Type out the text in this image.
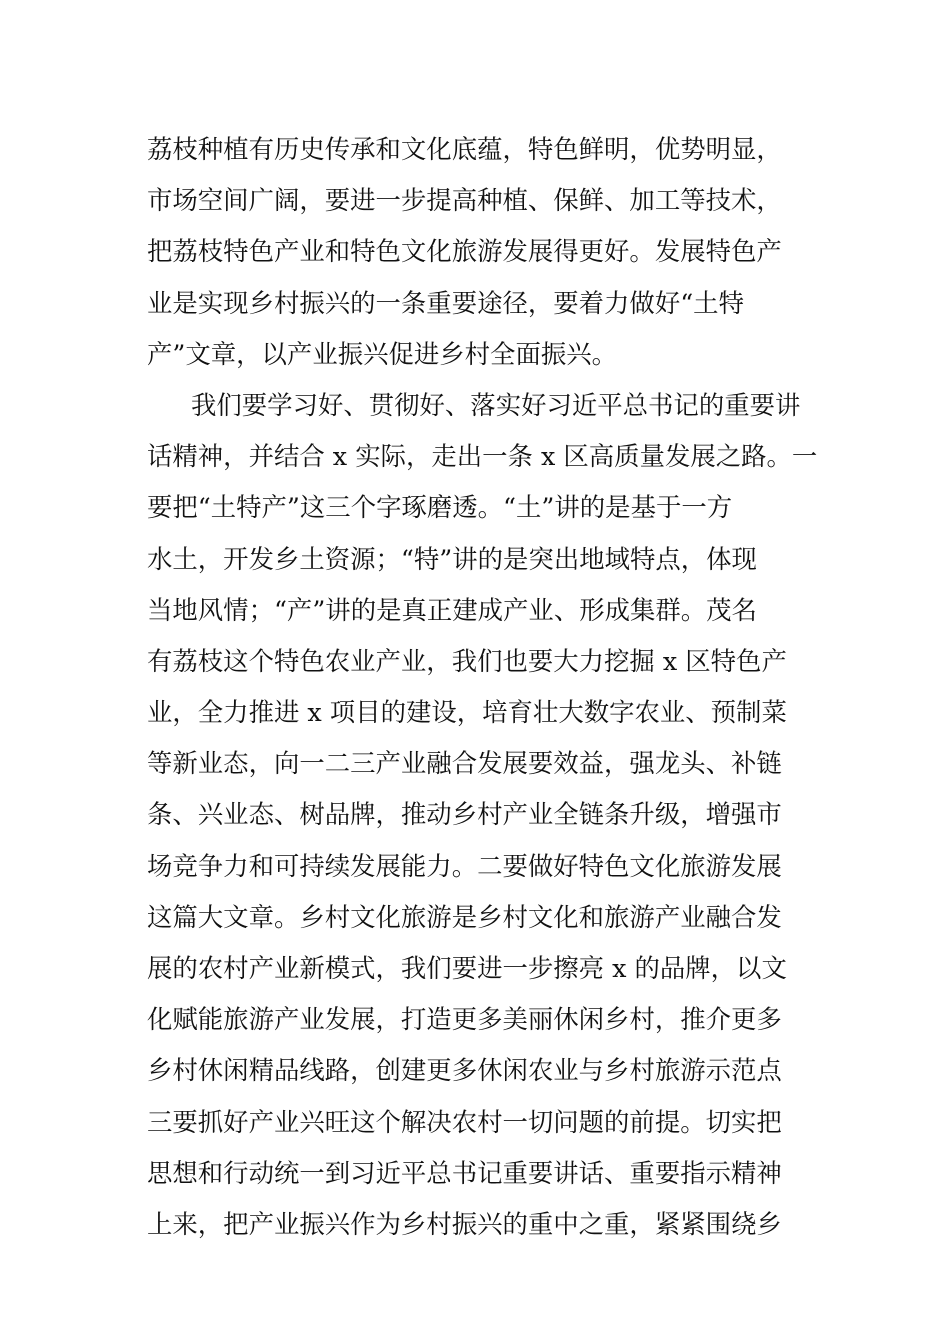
荔枝种植有历史传承和文化底蕴，特色鲜明，优势明显，
市场空间广阔，要进一步提高种植、保鲜、加工等技术，
把荔枝特色产业和特色文化旅游发展得更好。发展特色产
业是实现乡村振兴的一条重要途径，要着力做好“土特
产”文章，以产业振兴促进乡村全面振兴。
我们要学习好、贯彻好、落实好习近平总书记的重要讲
话精神，并结合 x 实际，走出一条 x 区高质量发展之路。一
要把“土特产”这三个字琢磨透。“土”讲的是基于一方
水土，开发乡土资源；“特”讲的是突出地域特点，体现
当地风情；“产”讲的是真正建成产业、形成集群。茂名
有荔枝这个特色农业产业，我们也要大力挖掘 x 区特色产
业，全力推进 x 项目的建设，培育壮大数字农业、预制菜
等新业态，向一二三产业融合发展要效益，强龙头、补链
条、兴业态、树品牌，推动乡村产业全链条升级，增强市
场竞争力和可持续发展能力。二要做好特色文化旅游发展
这篇大文章。乡村文化旅游是乡村文化和旅游产业融合发
展的农村产业新模式，我们要进一步擦亮 x 的品牌，以文
化赋能旅游产业发展，打造更多美丽休闲乡村，推介更多
乡村休闲精品线路，创建更多休闲农业与乡村旅游示范点
三要抓好产业兴旺这个解决农村一切问题的前提。切实把
思想和行动统一到习近平总书记重要讲话、重要指示精神
上来，把产业振兴作为乡村振兴的重中之重，紧紧围绕乡
